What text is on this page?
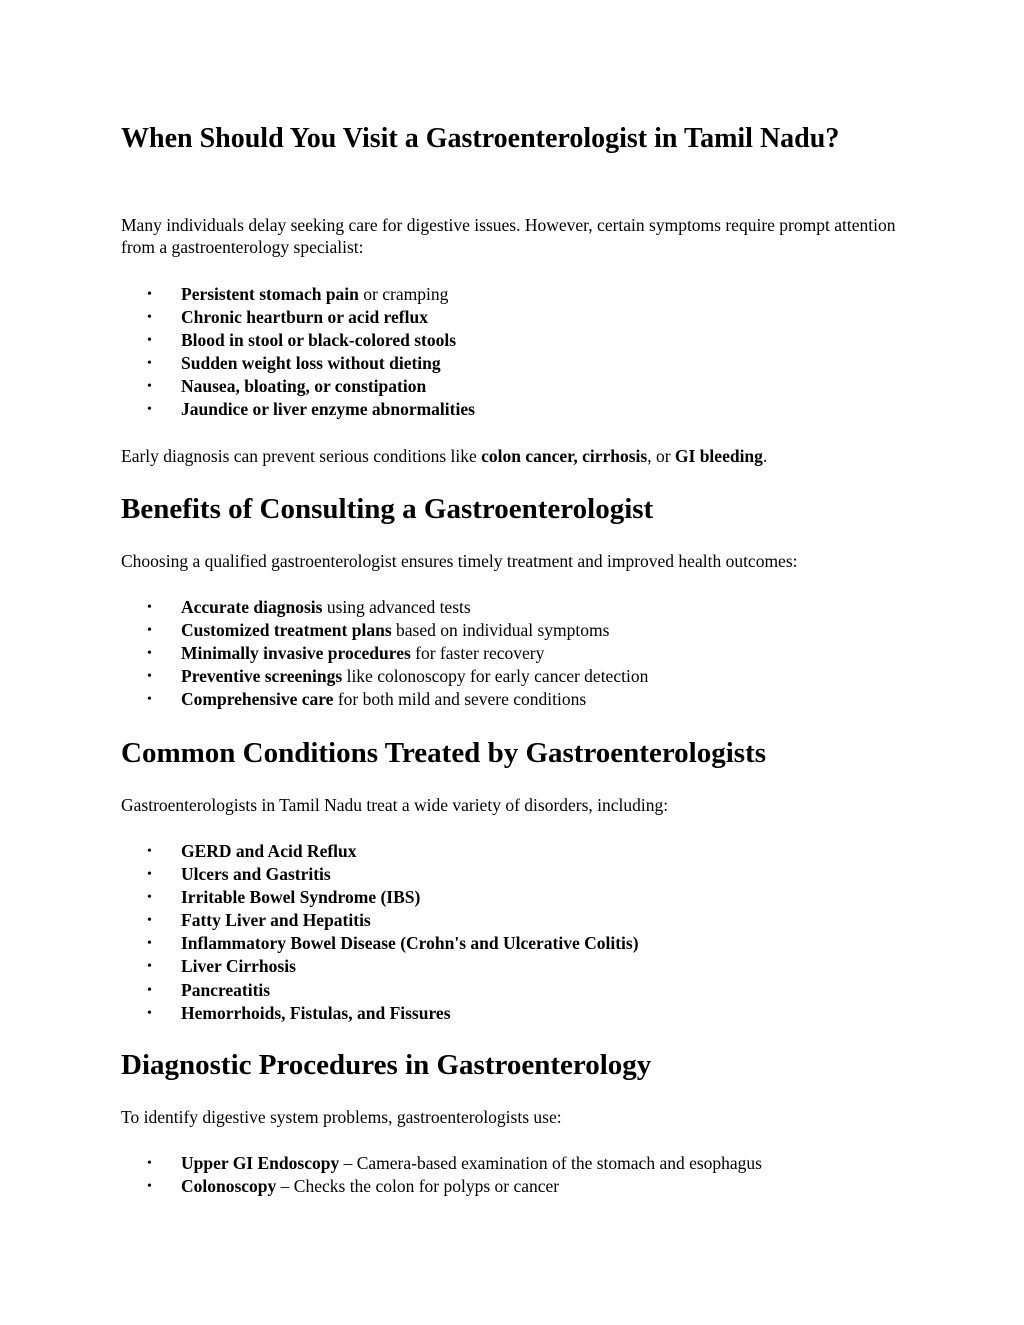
When Should You Visit a Gastroenterologist in Tamil Nadu?

Many individuals delay seeking care for digestive issues. However, certain symptoms require prompt attention from a gastroenterology specialist:

• Persistent stomach pain or cramping
• Chronic heartburn or acid reflux
• Blood in stool or black-colored stools
• Sudden weight loss without dieting
• Nausea, bloating, or constipation
• Jaundice or liver enzyme abnormalities

Early diagnosis can prevent serious conditions like colon cancer, cirrhosis, or GI bleeding.

Benefits of Consulting a Gastroenterologist

Choosing a qualified gastroenterologist ensures timely treatment and improved health outcomes:

• Accurate diagnosis using advanced tests
• Customized treatment plans based on individual symptoms
• Minimally invasive procedures for faster recovery
• Preventive screenings like colonoscopy for early cancer detection
• Comprehensive care for both mild and severe conditions
Common Conditions Treated by Gastroenterologists

Gastroenterologists in Tamil Nadu treat a wide variety of disorders, including:

• GERD and Acid Reflux
• Ulcers and Gastritis
• Irritable Bowel Syndrome (IBS)
• Fatty Liver and Hepatitis
• Inflammatory Bowel Disease (Crohn's and Ulcerative Colitis)
• Liver Cirrhosis
• Pancreatitis
• Hemorrhoids, Fistulas, and Fissures
Diagnostic Procedures in Gastroenterology

To identify digestive system problems, gastroenterologists use:

• Upper GI Endoscopy – Camera-based examination of the stomach and esophagus
• Colonoscopy – Checks the colon for polyps or cancer
